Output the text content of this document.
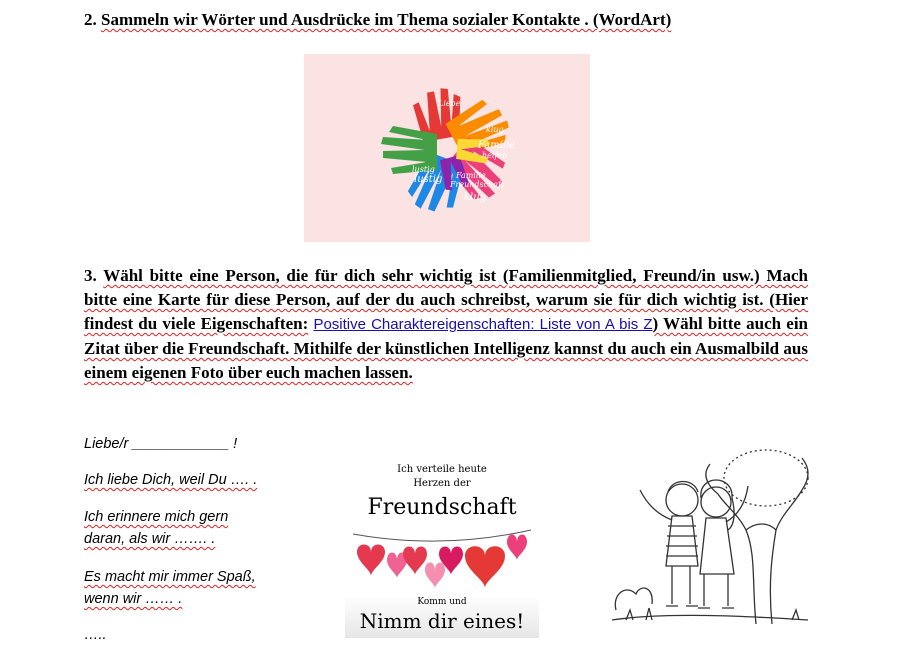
2. Sammeln wir Wörter und Ausdrücke im Thema sozialer Kontakte . (WordArt)
Liebe
Familie
helfen
lustig Familie
Freundschaft
klug
klug
lustig
3. Wähl bitte eine Person, die für dich sehr wichtig ist (Familienmitglied, Freund/in usw.) Mach bitte eine Karte für diese Person, auf der du auch schreibst, warum sie für dich wichtig ist. (Hier findest du viele Eigenschaften: Positive Charaktereigenschaften: Liste von A bis Z) Wähl bitte auch ein Zitat über die Freundschaft. Mithilfe der künstlichen Intelligenz kannst du auch ein Ausmalbild aus einem eigenen Foto über euch machen lassen.
Liebe/r ____________ !
Ich liebe Dich, weil Du …. .
Ich erinnere mich gern
daran, als wir ……. .
Es macht mir immer Spaß,
wenn wir …… .
…..
Ich verteile heute
Herzen der
Freundschaft
Komm und
Nimm dir eines!
